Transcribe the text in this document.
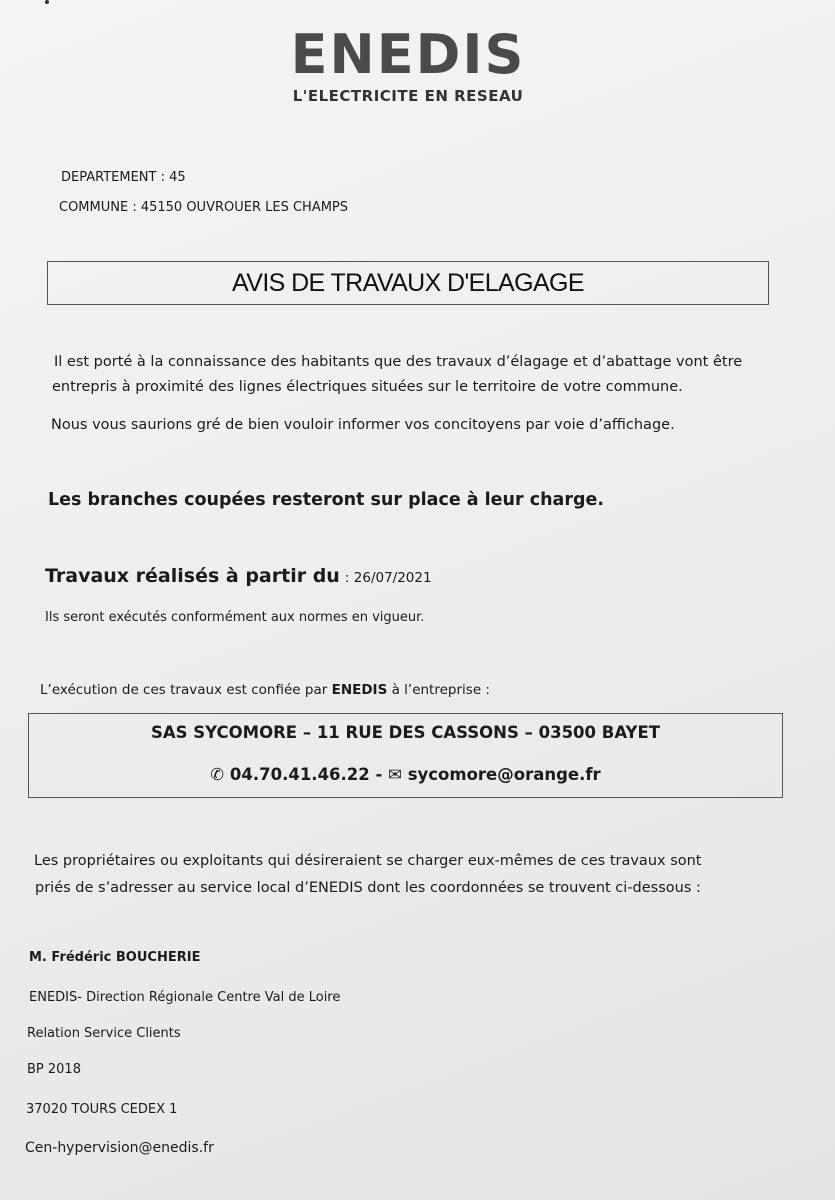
ENEDIS
L'ELECTRICITE EN RESEAU
DEPARTEMENT : 45
COMMUNE : 45150 OUVROUER LES CHAMPS
AVIS DE TRAVAUX D'ELAGAGE
Il est porté à la connaissance des habitants que des travaux d’élagage et d’abattage vont être
entrepris à proximité des lignes électriques situées sur le territoire de votre commune.
Nous vous saurions gré de bien vouloir informer vos concitoyens par voie d’affichage.
Les branches coupées resteront sur place à leur charge.
Travaux réalisés à partir du : 26/07/2021
Ils seront exécutés conformément aux normes en vigueur.
L’exécution de ces travaux est confiée par ENEDIS à l’entreprise :
SAS SYCOMORE – 11 RUE DES CASSONS – 03500 BAYET
✆ 04.70.41.46.22 - ✉ sycomore@orange.fr
Les propriétaires ou exploitants qui désireraient se charger eux-mêmes de ces travaux sont
priés de s’adresser au service local d’ENEDIS dont les coordonnées se trouvent ci-dessous :
M. Frédéric BOUCHERIE
ENEDIS- Direction Régionale Centre Val de Loire
Relation Service Clients
BP 2018
37020 TOURS CEDEX 1
Cen-hypervision@enedis.fr
